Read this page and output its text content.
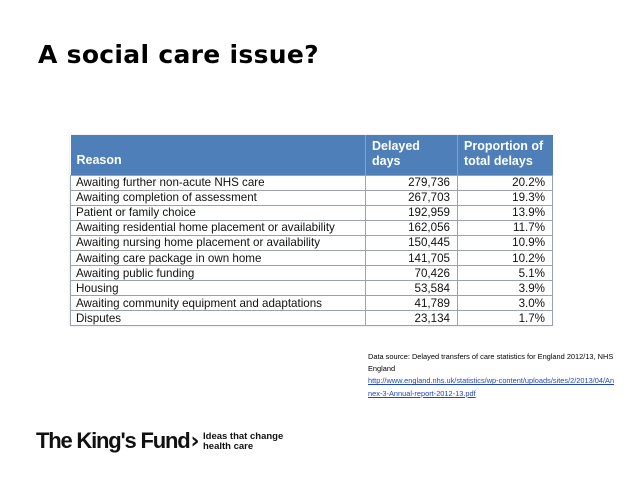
A social care issue?
Reason	Delayed days	Proportion of total delays
Awaiting further non-acute NHS care	279,736	20.2%
Awaiting completion of assessment	267,703	19.3%
Patient or family choice	192,959	13.9%
Awaiting residential home placement or availability	162,056	11.7%
Awaiting nursing home placement or availability	150,445	10.9%
Awaiting care package in own home	141,705	10.2%
Awaiting public funding	70,426	5.1%
Housing	53,584	3.9%
Awaiting community equipment and adaptations	41,789	3.0%
Disputes	23,134	1.7%
Data source: Delayed transfers of care statistics for England 2012/13, NHS England
http://www.england.nhs.uk/statistics/wp-content/uploads/sites/2/2013/04/Annex-3-Annual-report-2012-13.pdf
The King's Fund › Ideas that change
health care
